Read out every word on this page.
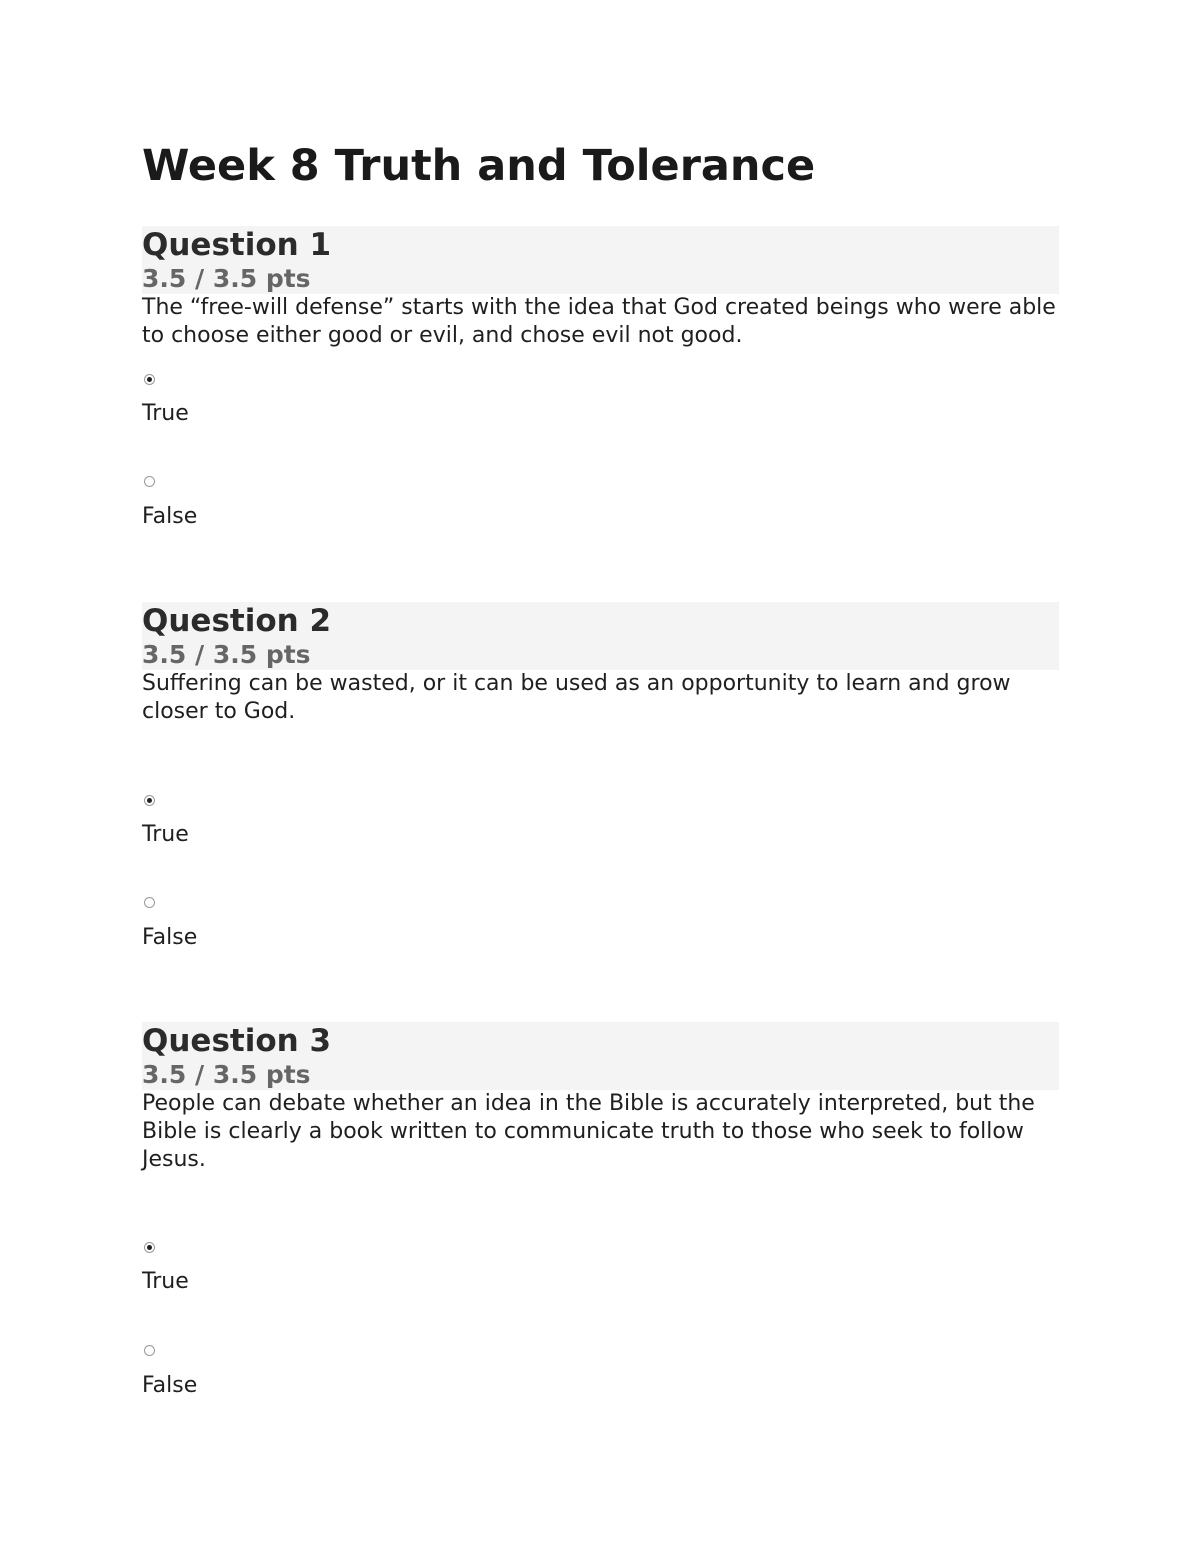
Week 8 Truth and Tolerance
Question 1
3.5 / 3.5 pts

The “free-will defense” starts with the idea that God created beings who were able to choose either good or evil, and chose evil not good.

True
False
Question 2
3.5 / 3.5 pts

Suffering can be wasted, or it can be used as an opportunity to learn and grow closer to God.

True
False
Question 3
3.5 / 3.5 pts

People can debate whether an idea in the Bible is accurately interpreted, but the Bible is clearly a book written to communicate truth to those who seek to follow Jesus.

True
False
